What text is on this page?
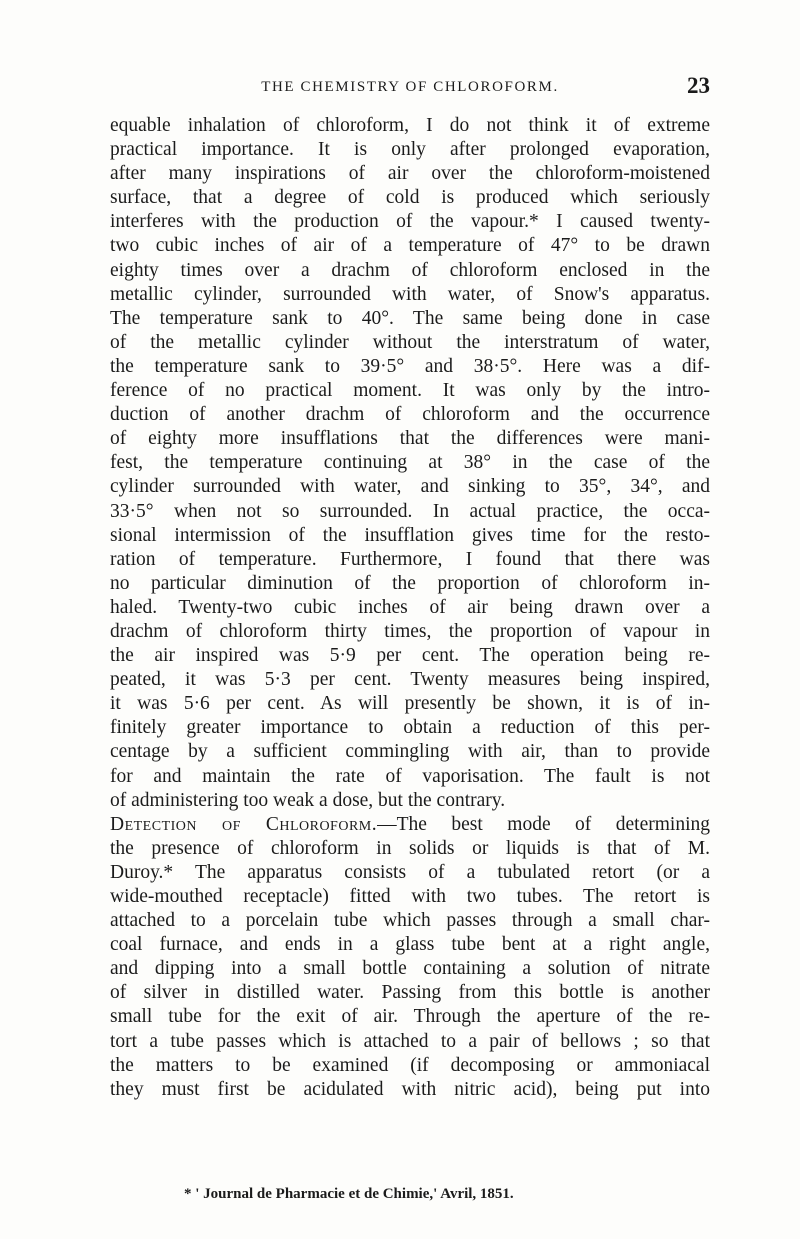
THE CHEMISTRY OF CHLOROFORM.	23
equable inhalation of chloroform, I do not think it of extreme
practical importance. It is only after prolonged evaporation,
after many inspirations of air over the chloroform-moistened
surface, that a degree of cold is produced which seriously
interferes with the production of the vapour.* I caused twenty-
two cubic inches of air of a temperature of 47° to be drawn
eighty times over a drachm of chloroform enclosed in the
metallic cylinder, surrounded with water, of Snow's apparatus.
The temperature sank to 40°. The same being done in case
of the metallic cylinder without the interstratum of water,
the temperature sank to 39·5° and 38·5°. Here was a dif-
ference of no practical moment. It was only by the intro-
duction of another drachm of chloroform and the occurrence
of eighty more insufflations that the differences were mani-
fest, the temperature continuing at 38° in the case of the
cylinder surrounded with water, and sinking to 35°, 34°, and
33·5° when not so surrounded. In actual practice, the occa-
sional intermission of the insufflation gives time for the resto-
ration of temperature. Furthermore, I found that there was
no particular diminution of the proportion of chloroform in-
haled. Twenty-two cubic inches of air being drawn over a
drachm of chloroform thirty times, the proportion of vapour in
the air inspired was 5·9 per cent. The operation being re-
peated, it was 5·3 per cent. Twenty measures being inspired,
it was 5·6 per cent. As will presently be shown, it is of in-
finitely greater importance to obtain a reduction of this per-
centage by a sufficient commingling with air, than to provide
for and maintain the rate of vaporisation. The fault is not
of administering too weak a dose, but the contrary.
Detection of Chloroform.—The best mode of determining
the presence of chloroform in solids or liquids is that of M.
Duroy.* The apparatus consists of a tubulated retort (or a
wide-mouthed receptacle) fitted with two tubes. The retort is
attached to a porcelain tube which passes through a small char-
coal furnace, and ends in a glass tube bent at a right angle,
and dipping into a small bottle containing a solution of nitrate
of silver in distilled water. Passing from this bottle is another
small tube for the exit of air. Through the aperture of the re-
tort a tube passes which is attached to a pair of bellows ; so that
the matters to be examined (if decomposing or ammoniacal
they must first be acidulated with nitric acid), being put into
* ' Journal de Pharmacie et de Chimie,' Avril, 1851.
